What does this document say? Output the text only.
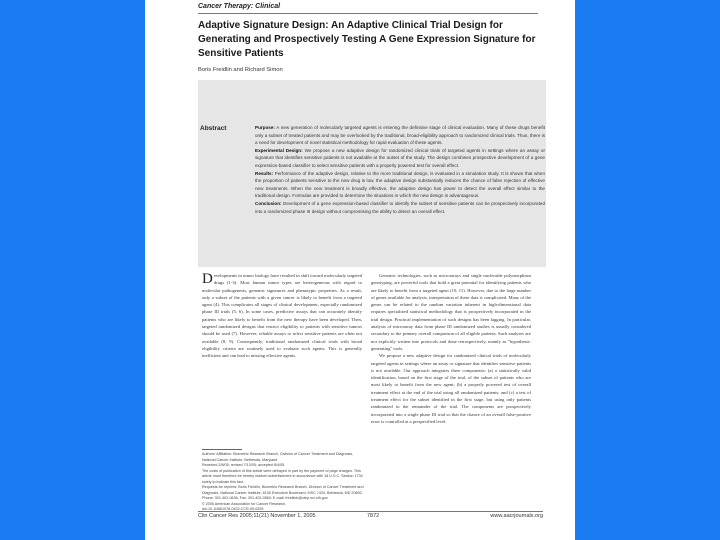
Cancer Therapy: Clinical
Adaptive Signature Design: An Adaptive Clinical Trial Design for Generating and Prospectively Testing A Gene Expression Signature for Sensitive Patients
Boris Freidlin and Richard Simon
Abstract	Purpose: A new generation of molecularly targeted agents is entering the definitive stage of clinical evaluation. Many of these drugs benefit only a subset of treated patients and may be overlooked by the traditional, broad-eligibility approach to randomized clinical trials. Thus, there is a need for development of novel statistical methodology for rapid evaluation of these agents.

Experimental Design: We propose a new adaptive design for randomized clinical trials of targeted agents in settings where an assay or signature that identifies sensitive patients is not available at the outset of the study. The design combines prospective development of a gene expression-based classifier to select sensitive patients with a properly powered test for overall effect.

Results: Performance of the adaptive design, relative to the more traditional design, is evaluated in a simulation study. It is shown that when the proportion of patients sensitive to the new drug is low, the adaptive design substantially reduces the chance of false rejection of effective new treatments. When the new treatment is broadly effective, the adaptive design has power to detect the overall effect similar to the traditional design. Formulas are provided to determine the situations in which the new design is advantageous.

Conclusion: Development of a gene expression-based classifier to identify the subset of sensitive patients can be prospectively incorporated into a randomized phase III design without compromising the ability to detect an overall effect.

Developments in tumor biology have resulted in shift toward molecularly targeted drugs (1-3). Most human tumor types are heterogeneous with regard to molecular pathogenesis, genomic signatures and phenotypic properties. As a result, only a subset of the patients with a given cancer is likely to benefit from a targeted agent (4). This complicates all stages of clinical development, especially randomized phase III trials (5, 6). In some cases, predictive assays that can accurately identify patients who are likely to benefit from the new therapy have been developed. Then, targeted randomized designs that restrict eligibility to patients with sensitive tumors should be used (7). However, reliable assays to select sensitive patients are often not available (8, 9). Consequently, traditional randomized clinical trials with broad eligibility criteria are routinely used to evaluate such agents. This is generally inefficient and can lead to missing effective agents.

Genomic technologies, such as microarrays and single nucleotide polymorphism genotyping, are powerful tools that hold a great potential for identifying patients who are likely to benefit from a targeted agent (10, 11). However, due to the large number of genes available for analysis, interpretation of these data is complicated. Many of the genes can be related to the random variation inherent in high-dimensional data requires specialized statistical methodology that is prospectively incorporated in the trial design. Practical implementation of such designs has been lagging. In particular, analysis of microarray data from phase III randomized studies is usually considered secondary to the primary overall comparison of all eligible patients. Such analyses are not explicitly written into protocols and done retrospectively, mainly as "hypothesis-generating" tools.

We propose a new adaptive design for randomized clinical trials of molecularly targeted agents in settings where an assay or signature that identifies sensitive patients is not available. Our approach integrates three components: (a) a statistically valid identification, based on the first stage of the trial, of the subset of patients who are most likely to benefit from the new agent; (b) a properly powered test of overall treatment effect at the end of the trial using all randomized patients; and (c) a test of treatment effect for the subset identified in the first stage, but using only patients randomized in the remainder of the trial. The components are prospectively incorporated into a single phase III trial so that the chance of an overall false-positive error is controlled at a prespecified level.

Authors' Affiliation: Biometric Research Branch, Division of Cancer Treatment and Diagnosis, National Cancer Institute, Bethesda, Maryland

Received 2/8/05; revised 7/13/05; accepted 8/4/05.

The costs of publication of this article were defrayed in part by the payment of page charges. This article must therefore be hereby marked advertisement in accordance with 18 U.S.C. Section 1734 solely to indicate this fact.

Requests for reprints: Boris Freidlin, Biometric Research Branch, Division of Cancer Treatment and Diagnosis, National Cancer Institute, 6130 Executive Boulevard, MSC 7434, Bethesda, MD 20892. Phone: 301-402-0636; Fax: 301-402-0560; E-mail: freidlinb@ctep.nci.nih.gov.

© 2005 American Association for Cancer Research.

doi:10.1158/1078-0432.CCR-05-0259

Clin Cancer Res 2005;11(21) November 1, 2005	7872	www.aacrjournals.org
